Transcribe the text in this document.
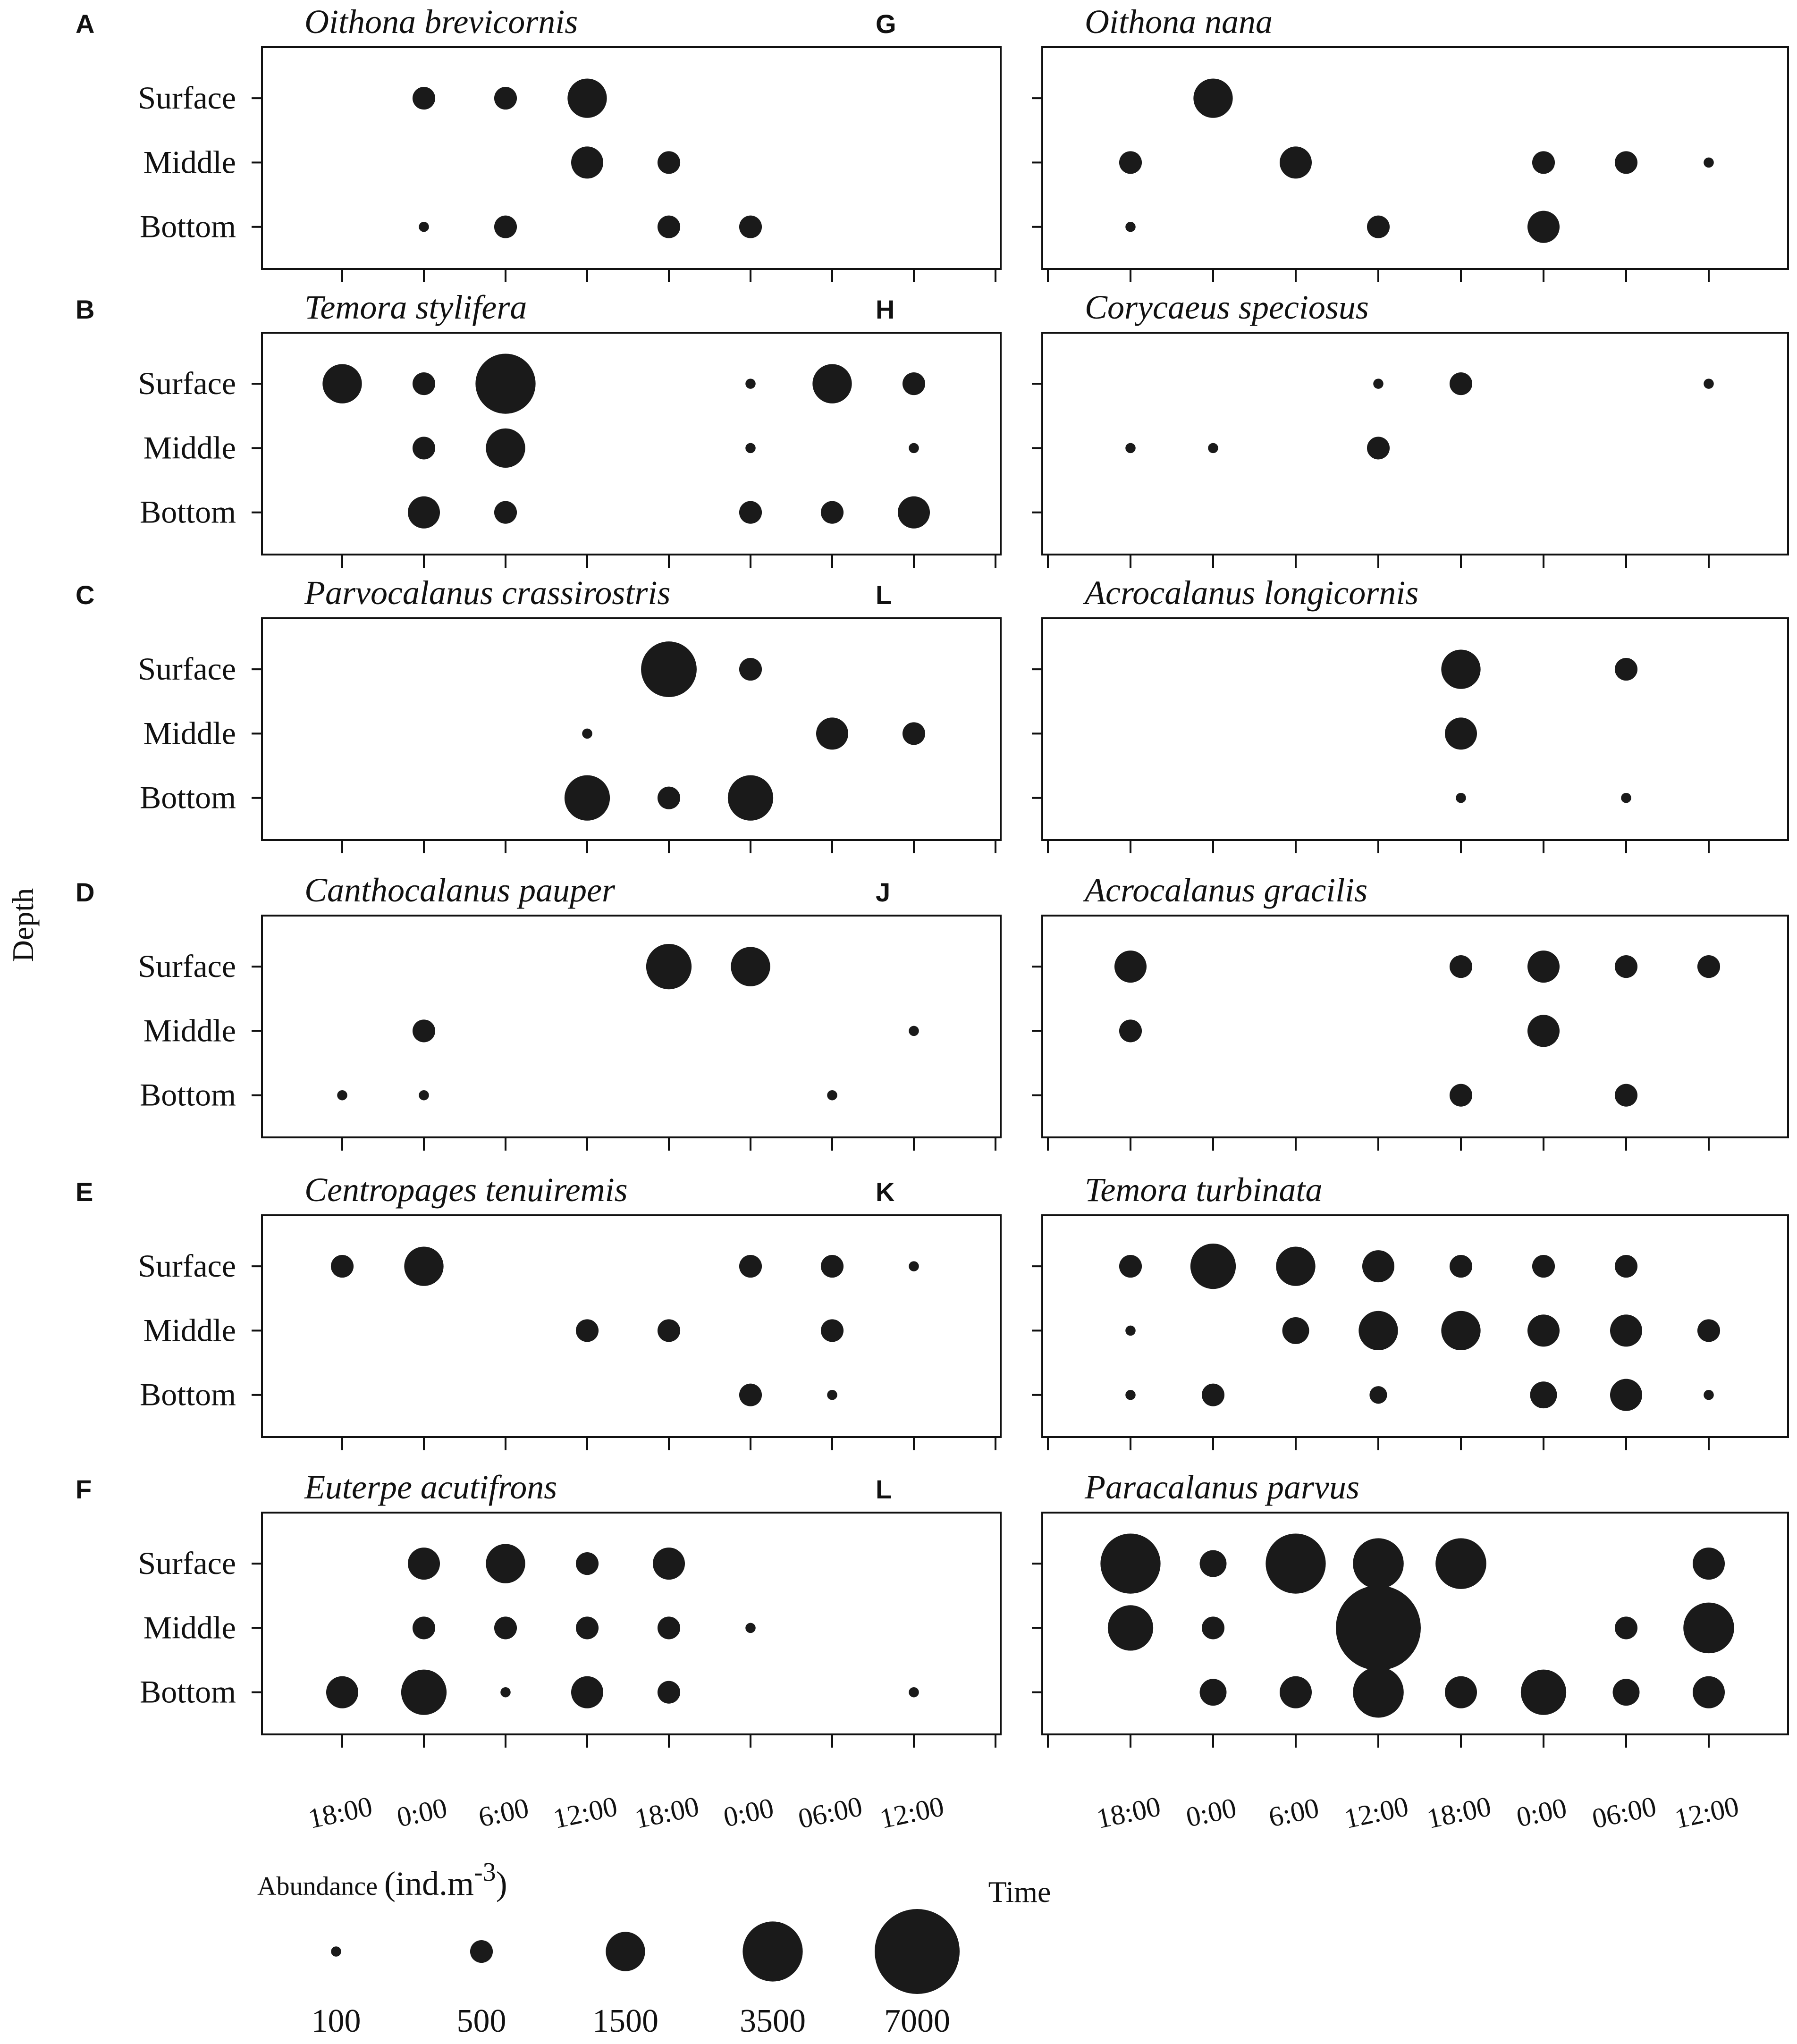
A	Oithona brevicornis
Surface
Middle
Bottom
B	Temora stylifera
Surface
Middle
Bottom
C	Parvocalanus crassirostris
Surface
Middle
Bottom
D	Canthocalanus pauper
Surface
Middle
Bottom
E	Centropages tenuiremis
Surface
Middle
Bottom
F	Euterpe acutifrons
Surface
Middle
Bottom
G	Oithona nana
H	Corycaeus speciosus
L	Acrocalanus longicornis
J	Acrocalanus gracilis
K	Temora turbinata
L	Paracalanus parvus
18:00 0:00 6:00 12:00 18:00 0:00 06:00 12:00	18:00 0:00 6:00 12:00 18:00 0:00 06:00 12:00
Depth
Time
Abundance (ind.m-3)
100	500	1500 3500 7000
